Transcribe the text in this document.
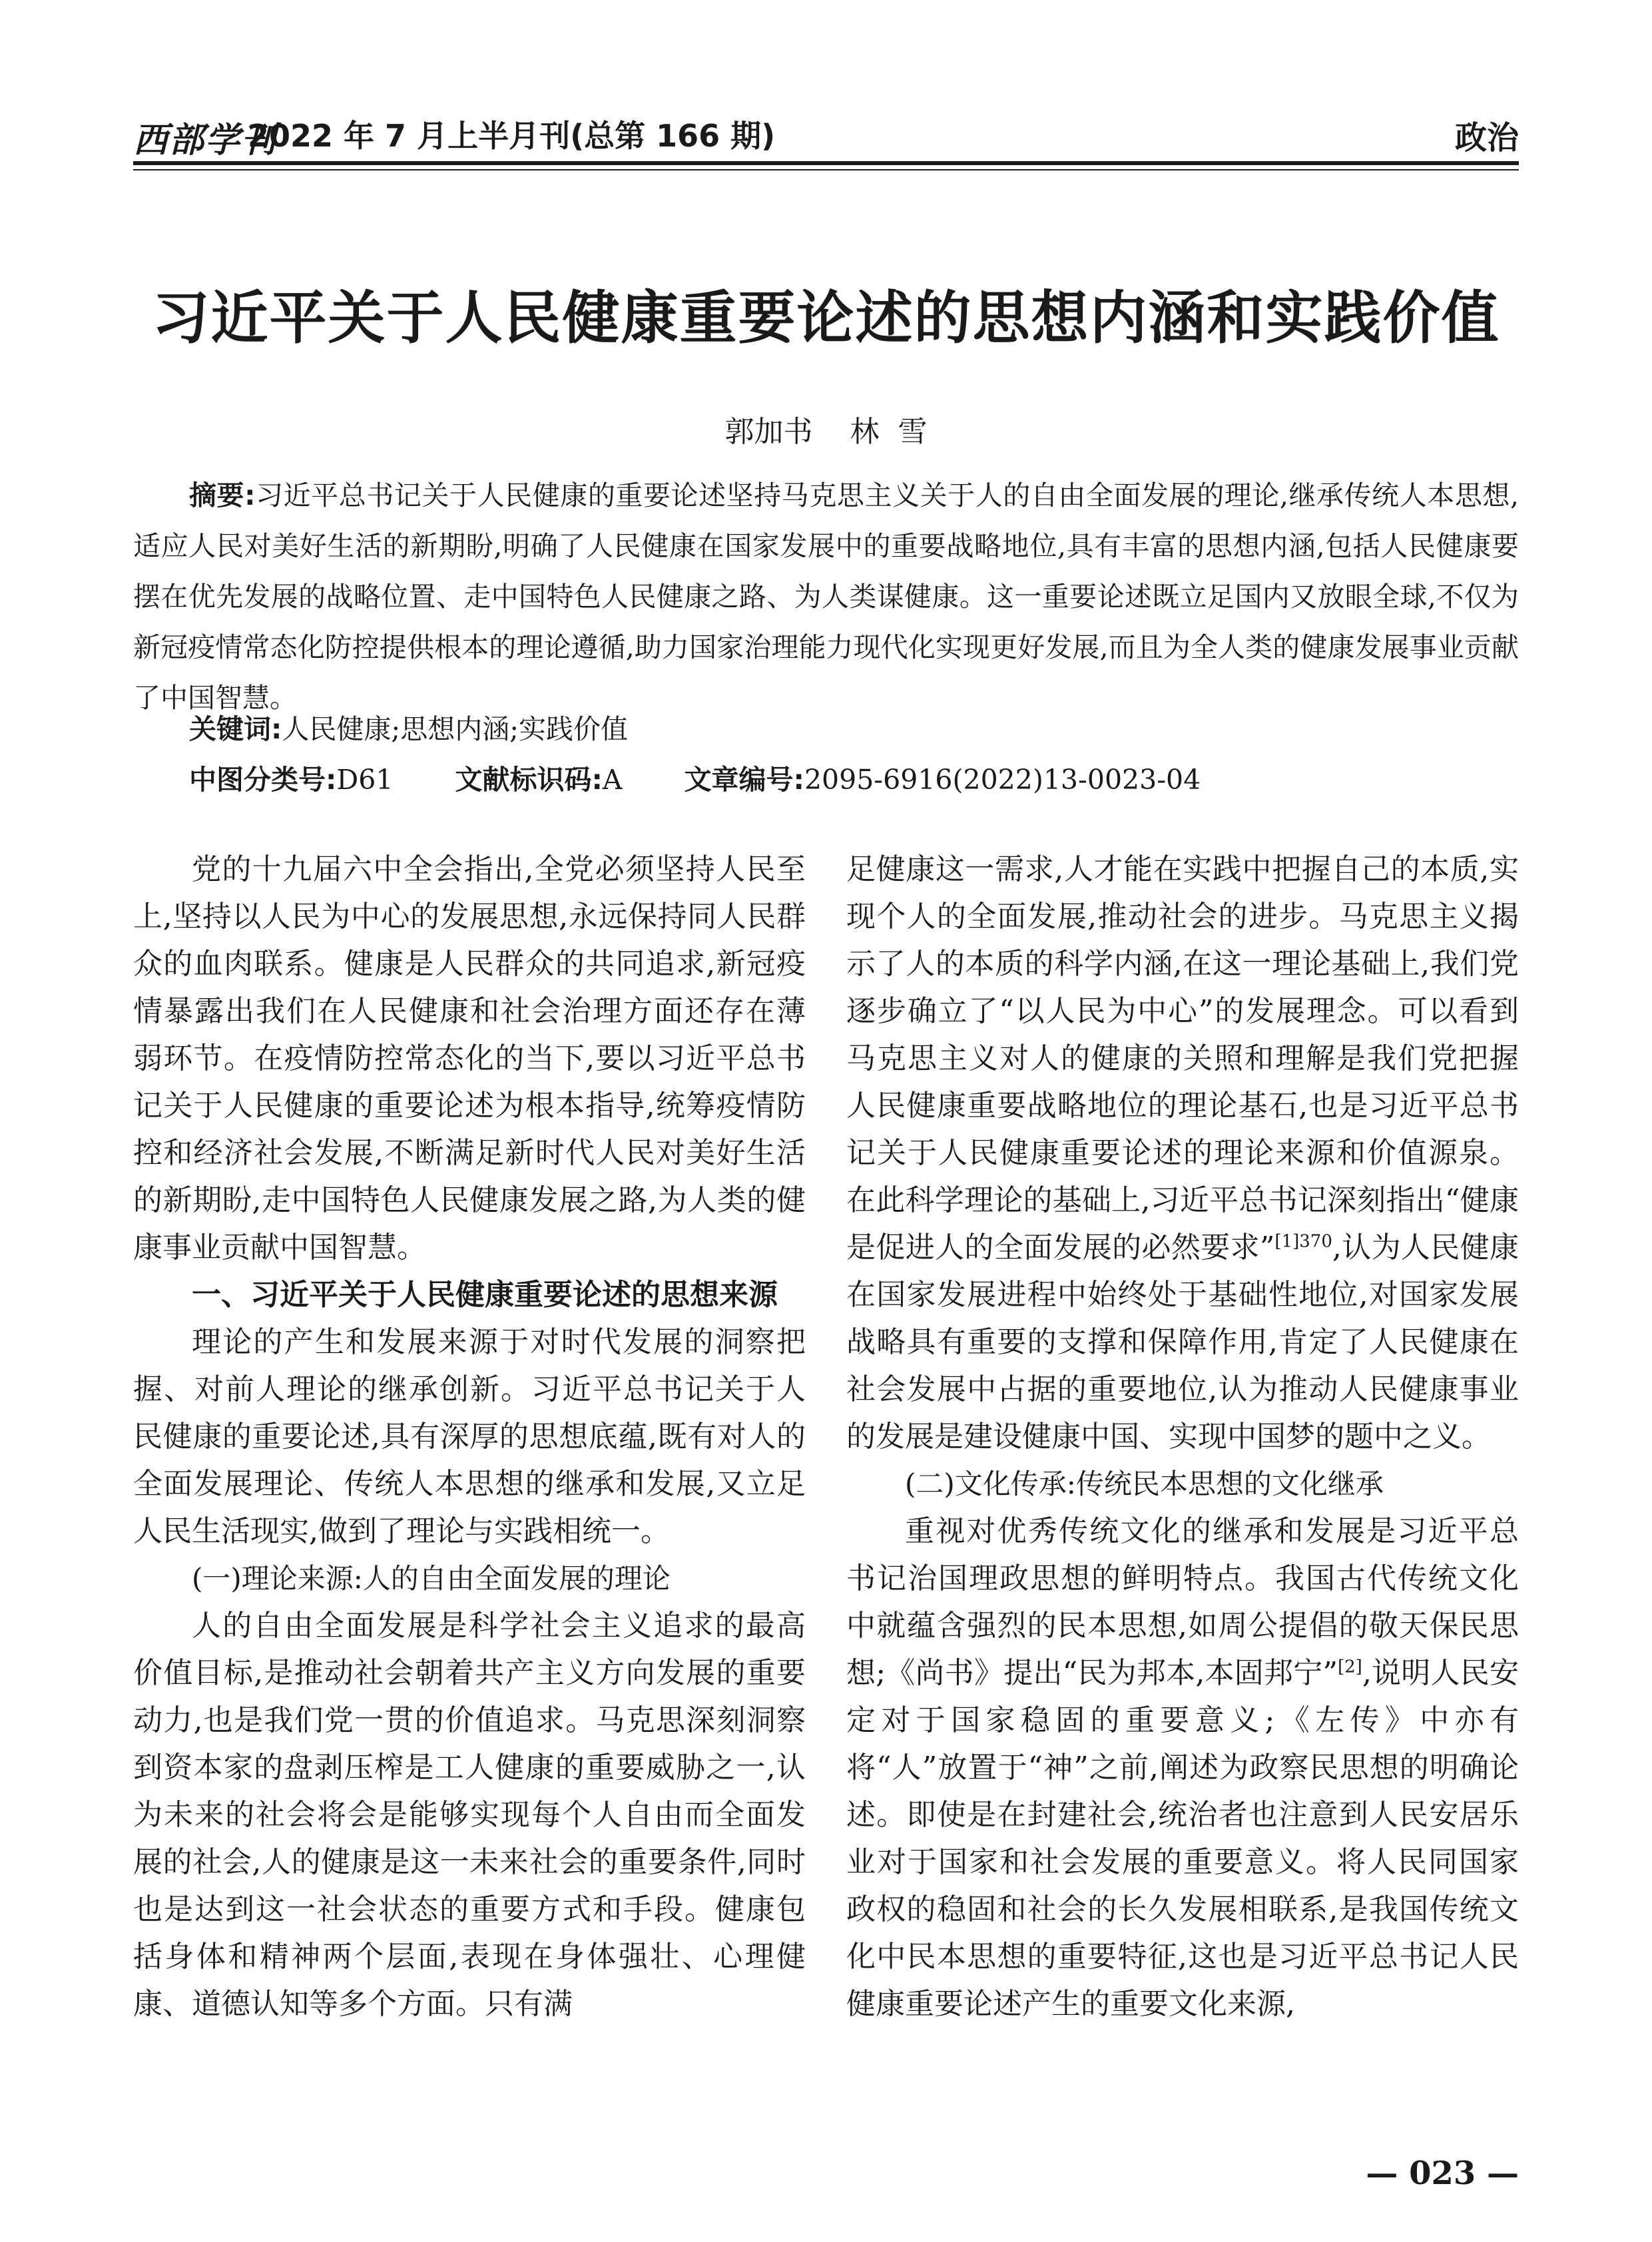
西部学刊
2022 年 7 月上半月刊(总第 166 期)	政治
习近平关于人民健康重要论述的思想内涵和实践价值
郭加书    林  雪
摘要:习近平总书记关于人民健康的重要论述坚持马克思主义关于人的自由全面发展的理论,继承传统人本思想,适应人民对美好生活的新期盼,明确了人民健康在国家发展中的重要战略地位,具有丰富的思想内涵,包括人民健康要摆在优先发展的战略位置、走中国特色人民健康之路、为人类谋健康。这一重要论述既立足国内又放眼全球,不仅为新冠疫情常态化防控提供根本的理论遵循,助力国家治理能力现代化实现更好发展,而且为全人类的健康发展事业贡献了中国智慧。
关键词:人民健康;思想内涵;实践价值
中图分类号:D61 文献标识码:A 文章编号:2095-6916(2022)13-0023-04

党的十九届六中全会指出,全党必须坚持人民至上,坚持以人民为中心的发展思想,永远保持同人民群众的血肉联系。健康是人民群众的共同追求,新冠疫情暴露出我们在人民健康和社会治理方面还存在薄弱环节。在疫情防控常态化的当下,要以习近平总书记关于人民健康的重要论述为根本指导,统筹疫情防控和经济社会发展,不断满足新时代人民对美好生活的新期盼,走中国特色人民健康发展之路,为人类的健康事业贡献中国智慧。

一、习近平关于人民健康重要论述的思想来源

理论的产生和发展来源于对时代发展的洞察把握、对前人理论的继承创新。习近平总书记关于人民健康的重要论述,具有深厚的思想底蕴,既有对人的全面发展理论、传统人本思想的继承和发展,又立足人民生活现实,做到了理论与实践相统一。

(一)理论来源:人的自由全面发展的理论

人的自由全面发展是科学社会主义追求的最高价值目标,是推动社会朝着共产主义方向发展的重要动力,也是我们党一贯的价值追求。马克思深刻洞察到资本家的盘剥压榨是工人健康的重要威胁之一,认为未来的社会将会是能够实现每个人自由而全面发展的社会,人的健康是这一未来社会的重要条件,同时也是达到这一社会状态的重要方式和手段。健康包括身体和精神两个层面,表现在身体强壮、心理健康、道德认知等多个方面。只有满

足健康这一需求,人才能在实践中把握自己的本质,实现个人的全面发展,推动社会的进步。马克思主义揭示了人的本质的科学内涵,在这一理论基础上,我们党逐步确立了“以人民为中心”的发展理念。可以看到马克思主义对人的健康的关照和理解是我们党把握人民健康重要战略地位的理论基石,也是习近平总书记关于人民健康重要论述的理论来源和价值源泉。在此科学理论的基础上,习近平总书记深刻指出“健康是促进人的全面发展的必然要求”$^{[1]370}$,认为人民健康在国家发展进程中始终处于基础性地位,对国家发展战略具有重要的支撑和保障作用,肯定了人民健康在社会发展中占据的重要地位,认为推动人民健康事业的发展是建设健康中国、实现中国梦的题中之义。

(二)文化传承:传统民本思想的文化继承

重视对优秀传统文化的继承和发展是习近平总书记治国理政思想的鲜明特点。我国古代传统文化中就蕴含强烈的民本思想,如周公提倡的敬天保民思想;《尚书》提出“民为邦本,本固邦宁”[2],说明人民安定对于国家稳固的重要意义;《左传》中亦有将“人”放置于“神”之前,阐述为政察民思想的明确论述。即使是在封建社会,统治者也注意到人民安居乐业对于国家和社会发展的重要意义。将人民同国家政权的稳固和社会的长久发展相联系,是我国传统文化中民本思想的重要特征,这也是习近平总书记人民健康重要论述产生的重要文化来源,

— 023 —
